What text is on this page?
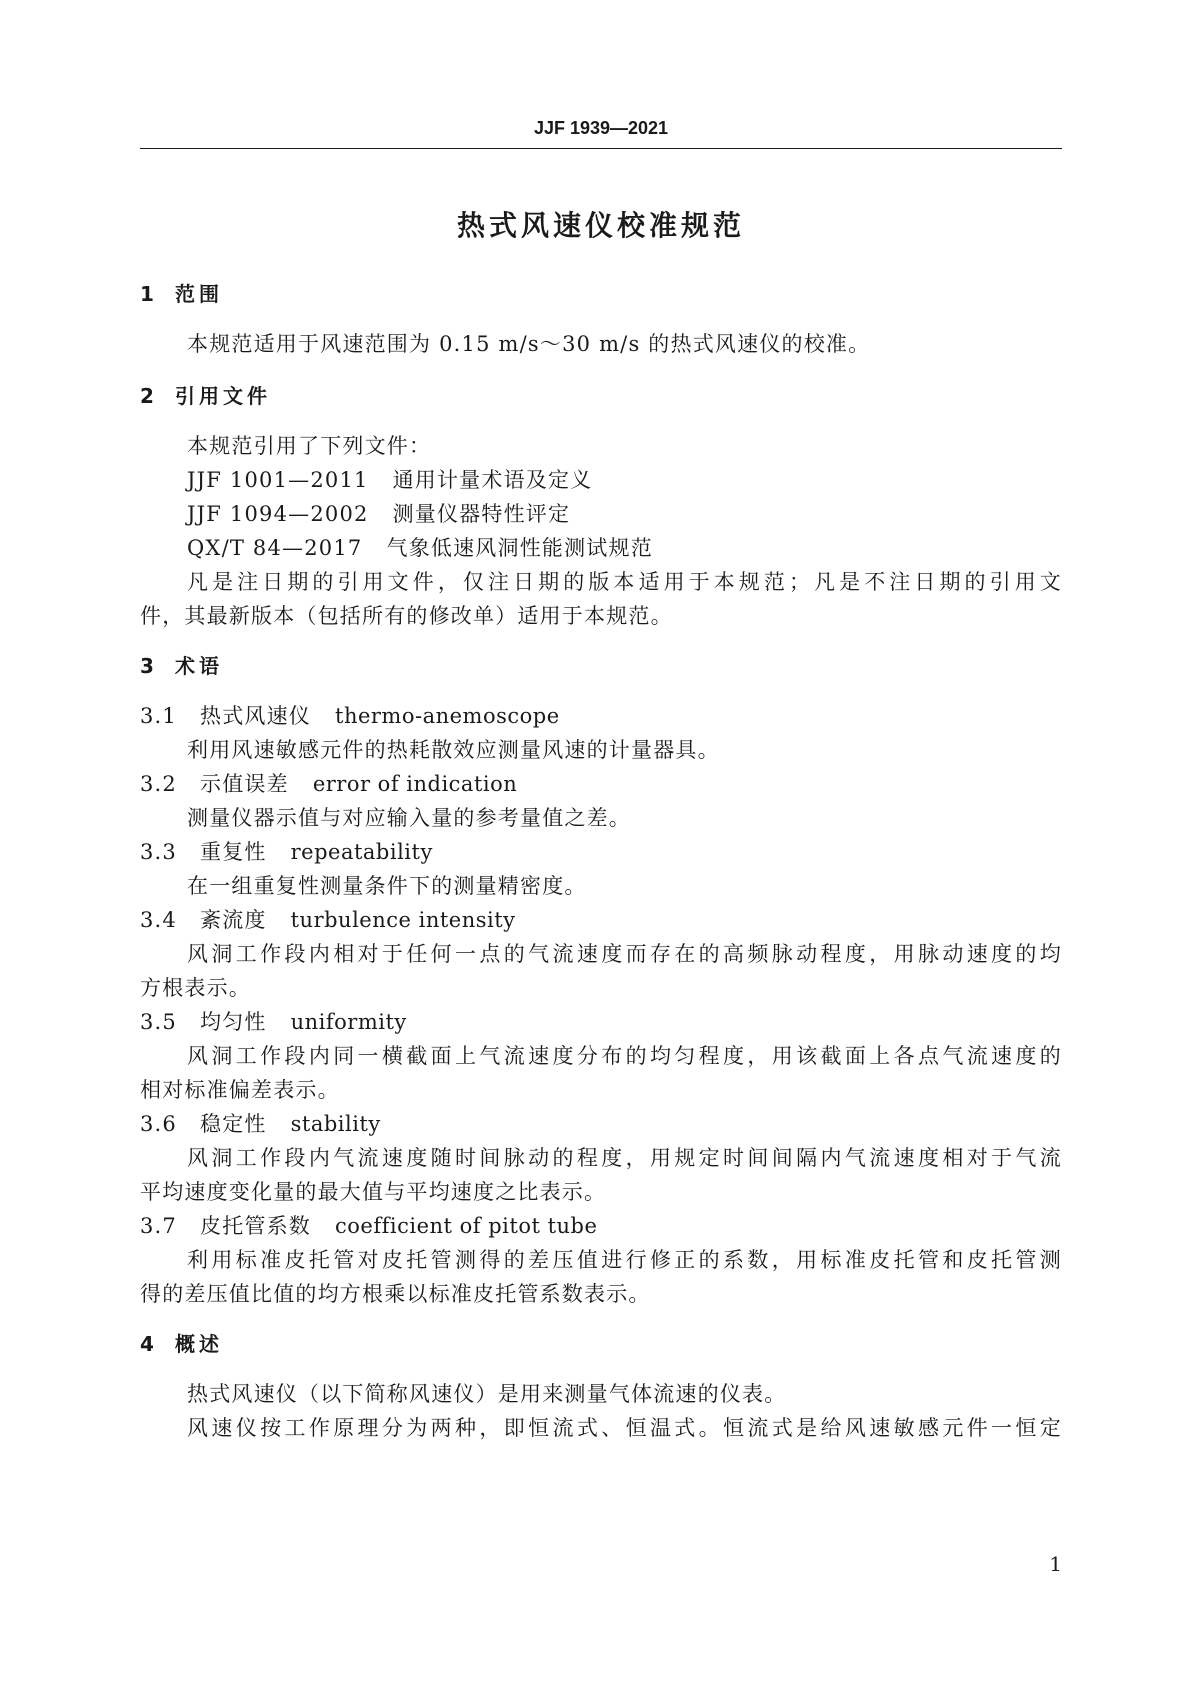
JJF 1939—2021
热式风速仪校准规范
1 范围
本规范适用于风速范围为 0.15 m/s～30 m/s 的热式风速仪的校准。
2 引用文件
本规范引用了下列文件：
JJF 1001—2011 通用计量术语及定义
JJF 1094—2002 测量仪器特性评定
QX/T 84—2017 气象低速风洞性能测试规范
凡是注日期的引用文件，仅注日期的版本适用于本规范；凡是不注日期的引用文
件，其最新版本（包括所有的修改单）适用于本规范。
3 术语
3.1 热式风速仪 thermo-anemoscope
利用风速敏感元件的热耗散效应测量风速的计量器具。
3.2 示值误差 error of indication
测量仪器示值与对应输入量的参考量值之差。
3.3 重复性 repeatability
在一组重复性测量条件下的测量精密度。
3.4 紊流度 turbulence intensity
风洞工作段内相对于任何一点的气流速度而存在的高频脉动程度，用脉动速度的均
方根表示。
3.5 均匀性 uniformity
风洞工作段内同一横截面上气流速度分布的均匀程度，用该截面上各点气流速度的
相对标准偏差表示。
3.6 稳定性 stability
风洞工作段内气流速度随时间脉动的程度，用规定时间间隔内气流速度相对于气流
平均速度变化量的最大值与平均速度之比表示。
3.7 皮托管系数 coefficient of pitot tube
利用标准皮托管对皮托管测得的差压值进行修正的系数，用标准皮托管和皮托管测
得的差压值比值的均方根乘以标准皮托管系数表示。
4 概述
热式风速仪（以下简称风速仪）是用来测量气体流速的仪表。
风速仪按工作原理分为两种，即恒流式、恒温式。恒流式是给风速敏感元件一恒定
1
